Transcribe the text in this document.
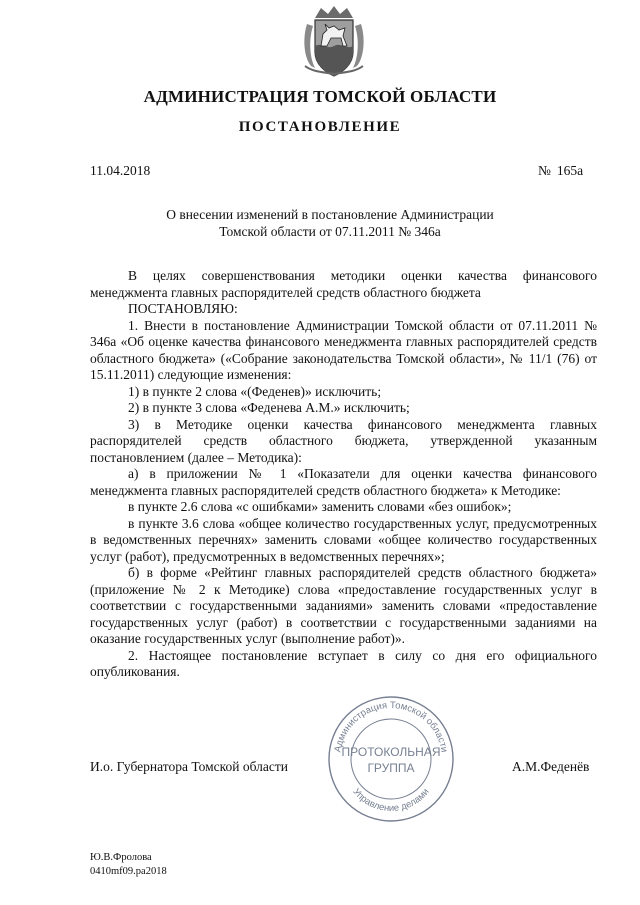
АДМИНИСТРАЦИЯ ТОМСКОЙ ОБЛАСТИ
ПОСТАНОВЛЕНИЕ
11.04.2018	№ 165а
О внесении изменений в постановление Администрации
Томской области от 07.11.2011 № 346а

В целях совершенствования методики оценки качества финансового менеджмента главных распорядителей средств областного бюджета

ПОСТАНОВЛЯЮ:

1. Внести в постановление Администрации Томской области от 07.11.2011 № 346а «Об оценке качества финансового менеджмента главных распорядителей средств областного бюджета» («Собрание законодательства Томской области», № 11/1 (76) от 15.11.2011) следующие изменения:

1) в пункте 2 слова «(Феденев)» исключить;

2) в пункте 3 слова «Феденева А.М.» исключить;

3) в Методике оценки качества финансового менеджмента главных распорядителей средств областного бюджета, утвержденной указанным постановлением (далее – Методика):

а) в приложении № 1 «Показатели для оценки качества финансового менеджмента главных распорядителей средств областного бюджета» к Методике:

в пункте 2.6 слова «с ошибками» заменить словами «без ошибок»;

в пункте 3.6 слова «общее количество государственных услуг, предусмотренных в ведомственных перечнях» заменить словами «общее количество государственных услуг (работ), предусмотренных в ведомственных перечнях»;

б) в форме «Рейтинг главных распорядителей средств областного бюджета» (приложение № 2 к Методике) слова «предоставление государственных услуг в соответствии с государственными заданиями» заменить словами «предоставление государственных услуг (работ) в соответствии с государственными заданиями на оказание государственных услуг (выполнение работ)».

2. Настоящее постановление вступает в силу со дня его официального опубликования.

Администрация Томской области
Управление делами
ПРОТОКОЛЬНАЯ
ГРУППА
И.о. Губернатора Томской области	А.М.Феденёв
Ю.В.Фролова
0410mf09.ра2018
